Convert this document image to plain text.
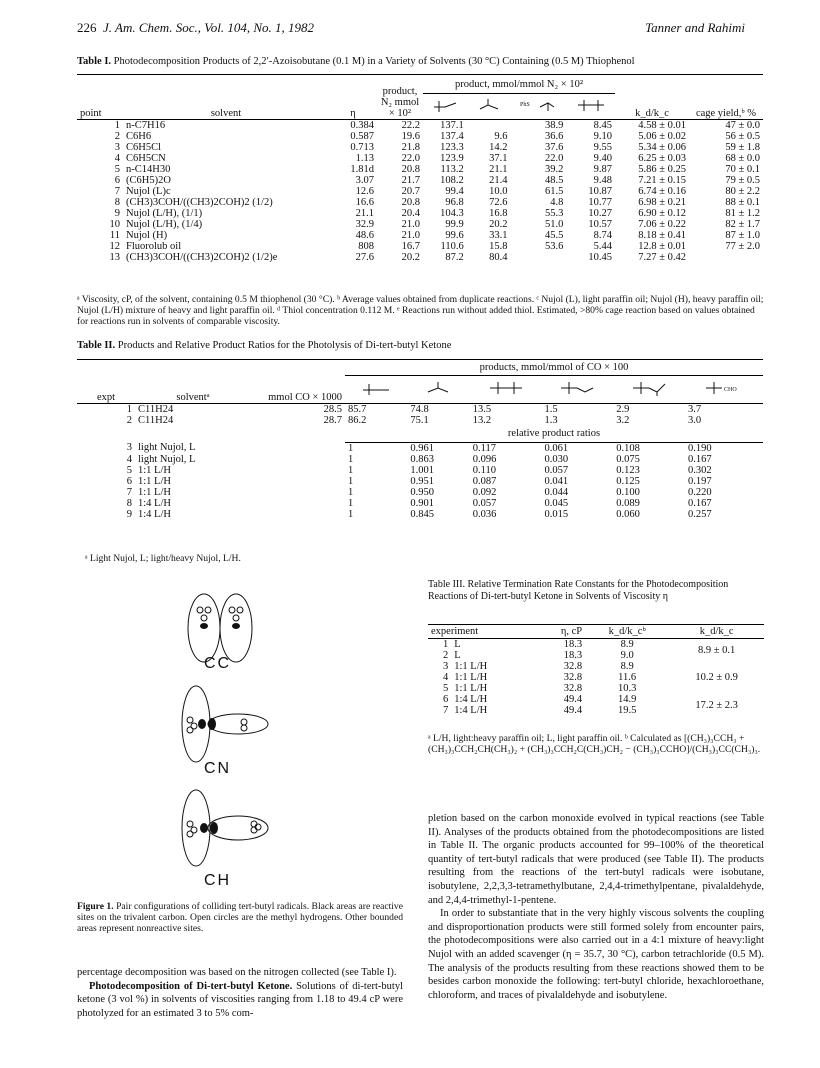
226 J. Am. Chem. Soc., Vol. 104, No. 1, 1982	Tanner and Rahimi
Table I. Photodecomposition Products of 2,2′-Azoisobutane (0.1 M) in a Variety of Solvents (30 °C) Containing (0.5 M) Thiophenol
point	solvent	η	product, N₂ mmol × 10²	product, mmol/mmol N₂ × 10²				k_d/k_c	cage yield,ᵇ %

PhS

1	n-C7H16	0.384	22.2	137.1		38.9	8.45	4.58 ± 0.01	47 ± 0.0
2	C6H6	0.587	19.6	137.4	9.6	36.6	9.10	5.06 ± 0.02	56 ± 0.5
3	C6H5Cl	0.713	21.8	123.3	14.2	37.6	9.55	5.34 ± 0.06	59 ± 1.8
4	C6H5CN	1.13	22.0	123.9	37.1	22.0	9.40	6.25 ± 0.03	68 ± 0.0
5	n-C14H30	1.81d	20.8	113.2	21.1	39.2	9.87	5.86 ± 0.25	70 ± 0.1
6	(C6H5)2O	3.07	21.7	108.2	21.4	48.5	9.48	7.21 ± 0.15	79 ± 0.5
7	Nujol (L)c	12.6	20.7	99.4	10.0	61.5	10.87	6.74 ± 0.16	80 ± 2.2
8	(CH3)3COH/((CH3)2COH)2 (1/2)	16.6	20.8	96.8	72.6	4.8	10.77	6.98 ± 0.21	88 ± 0.1
9	Nujol (L/H), (1/1)	21.1	20.4	104.3	16.8	55.3	10.27	6.90 ± 0.12	81 ± 1.2
10	Nujol (L/H), (1/4)	32.9	21.0	99.9	20.2	51.0	10.57	7.06 ± 0.22	82 ± 1.7
11	Nujol (H)	48.6	21.0	99.6	33.1	45.5	8.74	8.18 ± 0.41	87 ± 1.0
12	Fluorolub oil	808	16.7	110.6	15.8	53.6	5.44	12.8 ± 0.01	77 ± 2.0
13	(CH3)3COH/((CH3)2COH)2 (1/2)e	27.6	20.2	87.2	80.4		10.45	7.27 ± 0.42	
ᵃ Viscosity, cP, of the solvent, containing 0.5 M thiophenol (30 °C). ᵇ Average values obtained from duplicate reactions. ᶜ Nujol (L), light paraffin oil; Nujol (H), heavy paraffin oil; Nujol (L/H) mixture of heavy and light paraffin oil. ᵈ Thiol concentration 0.112 M. ᵉ Reactions run without added thiol. Estimated, >80% cage reaction based on values obtained for reactions run in solvents of comparable viscosity.
Table II. Products and Relative Product Ratios for the Photolysis of Di-tert-butyl Ketone
			products, mmol/mmol of CO × 100					
expt	solventᵃ	mmol CO × 1000						CHO

1	C11H24	28.5	85.7	74.8	13.5	1.5	2.9	3.7
2	C11H24	28.7	86.2	75.1	13.2	1.3	3.2	3.0
			relative product ratios					
3	light Nujol, L		1	0.961	0.117	0.061	0.108	0.190
4	light Nujol, L		1	0.863	0.096	0.030	0.075	0.167
5	1:1 L/H		1	1.001	0.110	0.057	0.123	0.302
6	1:1 L/H		1	0.951	0.087	0.041	0.125	0.197
7	1:1 L/H		1	0.950	0.092	0.044	0.100	0.220
8	1:4 L/H		1	0.901	0.057	0.045	0.089	0.167
9	1:4 L/H		1	0.845	0.036	0.015	0.060	0.257
ᵃ Light Nujol, L; light/heavy Nujol, L/H.
Table III. Relative Termination Rate Constants for the Photodecomposition Reactions of Di-tert-butyl Ketone in Solvents of Viscosity η
experiment		η, cP	k_d/k_cᵇ	k_d/k_c
1	L	18.3	8.9	8.9 ± 0.1
2	L	18.3	9.0	
3	1:1 L/H	32.8	8.9	10.2 ± 0.9
4	1:1 L/H	32.8	11.6	
5	1:1 L/H	32.8	10.3	
6	1:4 L/H	49.4	14.9	17.2 ± 2.3
7	1:4 L/H	49.4	19.5	
ᵃ L/H, light:heavy paraffin oil; L, light paraffin oil. ᵇ Calculated as [(CH₃)₃CCH₃ + (CH₃)₃CCH₂CH(CH₃)₂ + (CH₃)₃CCH₂C(CH₃)CH₂ − (CH₃)₃CCHO]/(CH₃)₃CC(CH₃)₃.
CC
CN
CH
Figure 1. Pair configurations of colliding tert-butyl radicals. Black areas are reactive sites on the trivalent carbon. Open circles are the methyl hydrogens. Other bounded areas represent nonreactive sites.
percentage decomposition was based on the nitrogen collected (see Table I).
Photodecomposition of Di-tert-butyl Ketone. Solutions of di-tert-butyl ketone (3 vol %) in solvents of viscosities ranging from 1.18 to 49.4 cP were photolyzed for an estimated 3 to 5% com-
pletion based on the carbon monoxide evolved in typical reactions (see Table II). Analyses of the products obtained from the photodecompositions are listed in Table II. The organic products accounted for 99–100% of the theoretical quantity of tert-butyl radicals that were produced (see Table II). The products resulting from the reactions of the tert-butyl radicals were isobutane, isobutylene, 2,2,3,3-tetramethylbutane, 2,4,4-trimethylpentane, pivalaldehyde, and 2,4,4-trimethyl-1-pentene.
In order to substantiate that in the very highly viscous solvents the coupling and disproportionation products were still formed solely from encounter pairs, the photodecompositions were also carried out in a 4:1 mixture of heavy:light Nujol with an added scavenger (η = 35.7, 30 °C), carbon tetrachloride (0.5 M). The analysis of the products resulting from these reactions showed them to be besides carbon monoxide the following: tert-butyl chloride, hexachloroethane, chloroform, and traces of pivalaldehyde and isobutylene.
